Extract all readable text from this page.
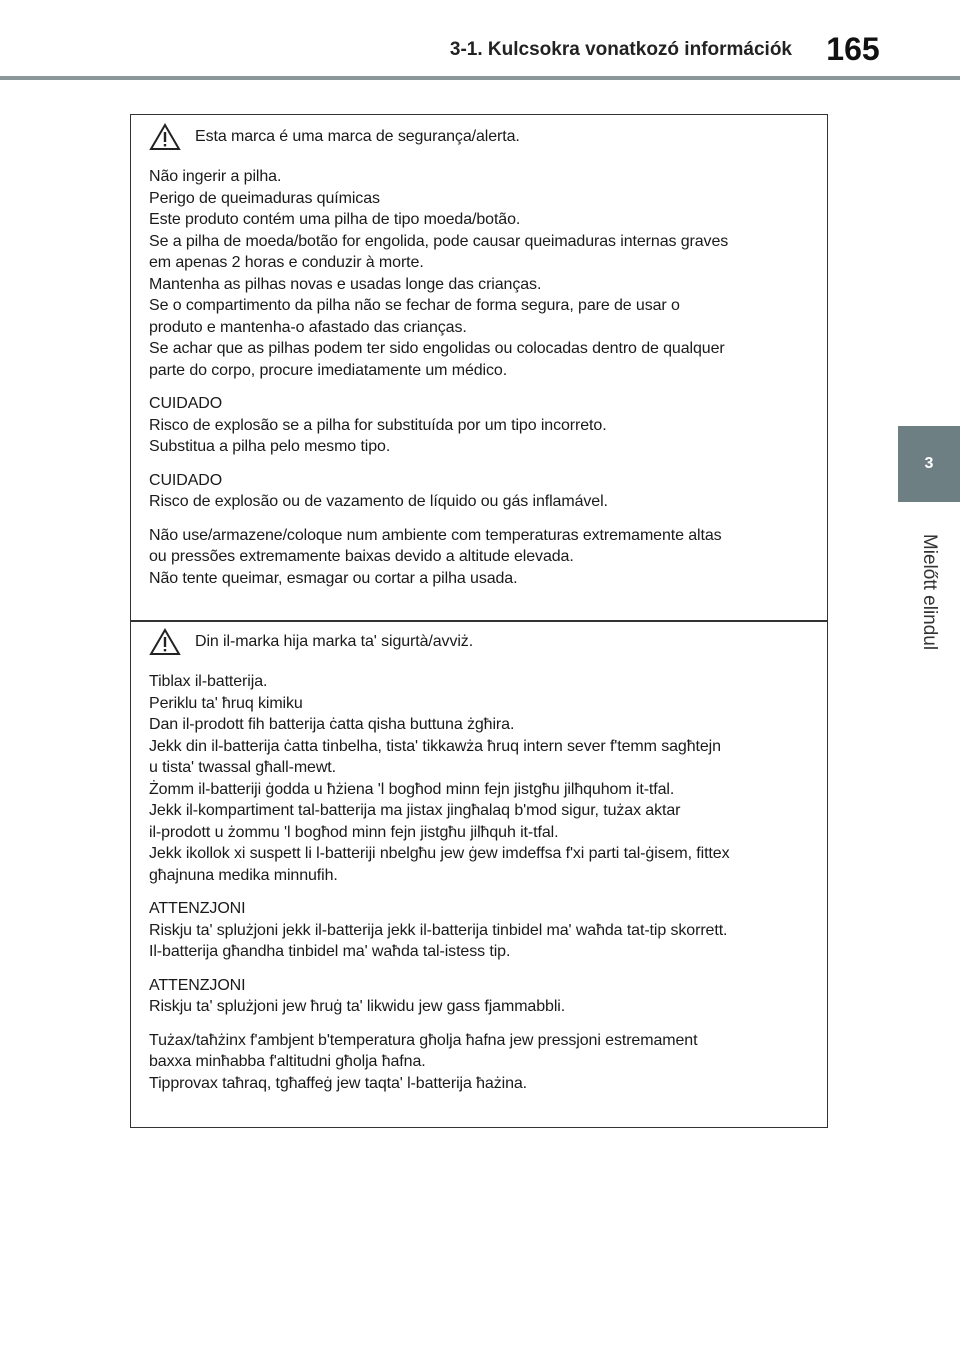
3-1. Kulcsokra vonatkozó információk	165
3
Mielőtt elindul
Esta marca é uma marca de segurança/alerta.

Não ingerir a pilha.

Perigo de queimaduras químicas

Este produto contém uma pilha de tipo moeda/botão.

Se a pilha de moeda/botão for engolida, pode causar queimaduras internas graves

em apenas 2 horas e conduzir à morte.

Mantenha as pilhas novas e usadas longe das crianças.

Se o compartimento da pilha não se fechar de forma segura, pare de usar o

produto e mantenha-o afastado das crianças.

Se achar que as pilhas podem ter sido engolidas ou colocadas dentro de qualquer

parte do corpo, procure imediatamente um médico.

CUIDADO

Risco de explosão se a pilha for substituída por um tipo incorreto.

Substitua a pilha pelo mesmo tipo.

CUIDADO

Risco de explosão ou de vazamento de líquido ou gás inflamável.

Não use/armazene/coloque num ambiente com temperaturas extremamente altas

ou pressões extremamente baixas devido a altitude elevada.

Não tente queimar, esmagar ou cortar a pilha usada.

Din il-marka hija marka ta' sigurtà/avviż.

Tiblax il-batterija.

Periklu ta' ħruq kimiku

Dan il-prodott fih batterija ċatta qisha buttuna żgħira.

Jekk din il-batterija ċatta tinbelha, tista' tikkawża ħruq intern sever f'temm sagħtejn

u tista' twassal għall-mewt.

Żomm il-batteriji ġodda u ħżiena 'l bogħod minn fejn jistgħu jilħquhom it-tfal.

Jekk il-kompartiment tal-batterija ma jistax jingħalaq b'mod sigur, tużax aktar

il-prodott u żommu 'l bogħod minn fejn jistgħu jilħquh it-tfal.

Jekk ikollok xi suspett li l-batteriji nbelgħu jew ġew imdeffsa f'xi parti tal-ġisem, fittex

għajnuna medika minnufih.

ATTENZJONI

Riskju ta' splużjoni jekk il-batterija jekk il-batterija tinbidel ma' waħda tat-tip skorrett.

Il-batterija għandha tinbidel ma' waħda tal-istess tip.

ATTENZJONI

Riskju ta' splużjoni jew ħruġ ta' likwidu jew gass fjammabbli.

Tużax/taħżinx f'ambjent b'temperatura għolja ħafna jew pressjoni estremament

baxxa minħabba f'altitudni għolja ħafna.

Tipprovax taħraq, tgħaffeġ jew taqta' l-batterija ħażina.
